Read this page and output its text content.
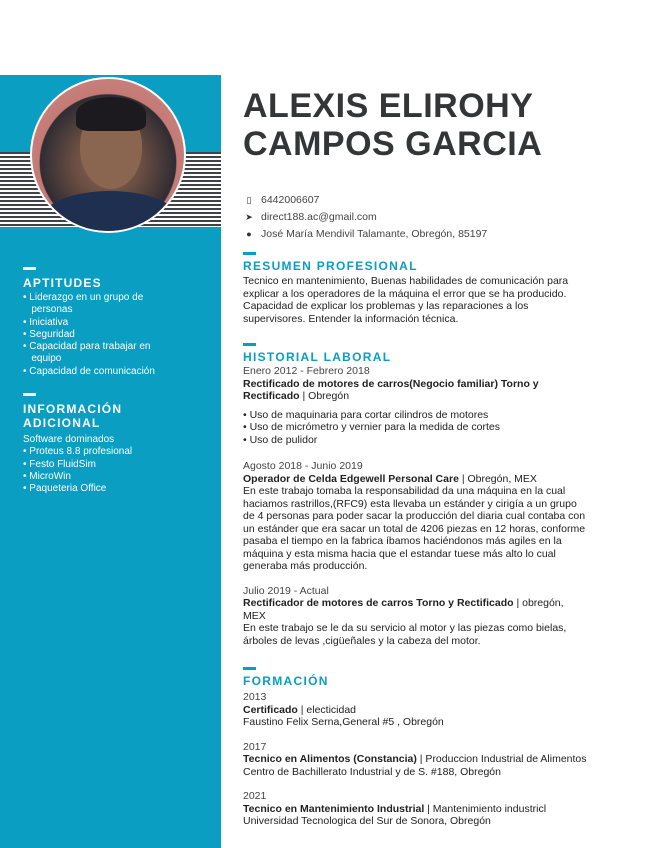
APTITUDES
• Liderazgo en un grupo de
personas
• Iniciativa
• Seguridad
• Capacidad para trabajar en
equipo
• Capacidad de comunicación
INFORMACIÓN
ADICIONAL
Software dominados
• Proteus 8.8 profesional
• Festo FluidSim
• MicroWin
• Paqueteria Office
ALEXIS ELIROHY
CAMPOS GARCIA
▯ 6442006607
➤ direct188.ac@gmail.com
● José María Mendivil Talamante, Obregón, 85197
RESUMEN PROFESIONAL
Tecnico en mantenimiento, Buenas habilidades de comunicación para
explicar a los operadores de la máquina el error que se ha producido.
Capacidad de explicar los problemas y las reparaciones a los
supervisores. Entender la información técnica.
HISTORIAL LABORAL
Enero 2012 - Febrero 2018
Rectificado de motores de carros(Negocio familiar) Torno y
Rectificado | Obregón
• Uso de maquinaria para cortar cilindros de motores
• Uso de micrómetro y vernier para la medida de cortes
• Uso de pulidor
Agosto 2018 - Junio 2019
Operador de Celda Edgewell Personal Care | Obregón, MEX
En este trabajo tomaba la responsabilidad da una máquina en la cual
haciamos rastrillos,(RFC9) esta llevaba un estánder y cirigía a un grupo
de 4 personas para poder sacar la producción del diaria cual contaba con
un estánder que era sacar un total de 4206 piezas en 12 horas, conforme
pasaba el tiempo en la fabrica íbamos haciéndonos más agiles en la
máquina y esta misma hacia que el estandar tuese más alto lo cual
generaba más producción.
Julio 2019 - Actual
Rectificador de motores de carros Torno y Rectificado | obregón,
MEX
En este trabajo se le da su servicio al motor y las piezas como bielas,
árboles de levas ,cigüeñales y la cabeza del motor.
FORMACIÓN
2013
Certificado | electicidad
Faustino Felix Serna,General #5 , Obregón
2017
Tecnico en Alimentos (Constancia) | Produccion Industrial de Alimentos
Centro de Bachillerato Industrial y de S. #188, Obregón
2021
Tecnico en Mantenimiento Industrial | Mantenimiento industricl
Universidad Tecnologica del Sur de Sonora, Obregón
